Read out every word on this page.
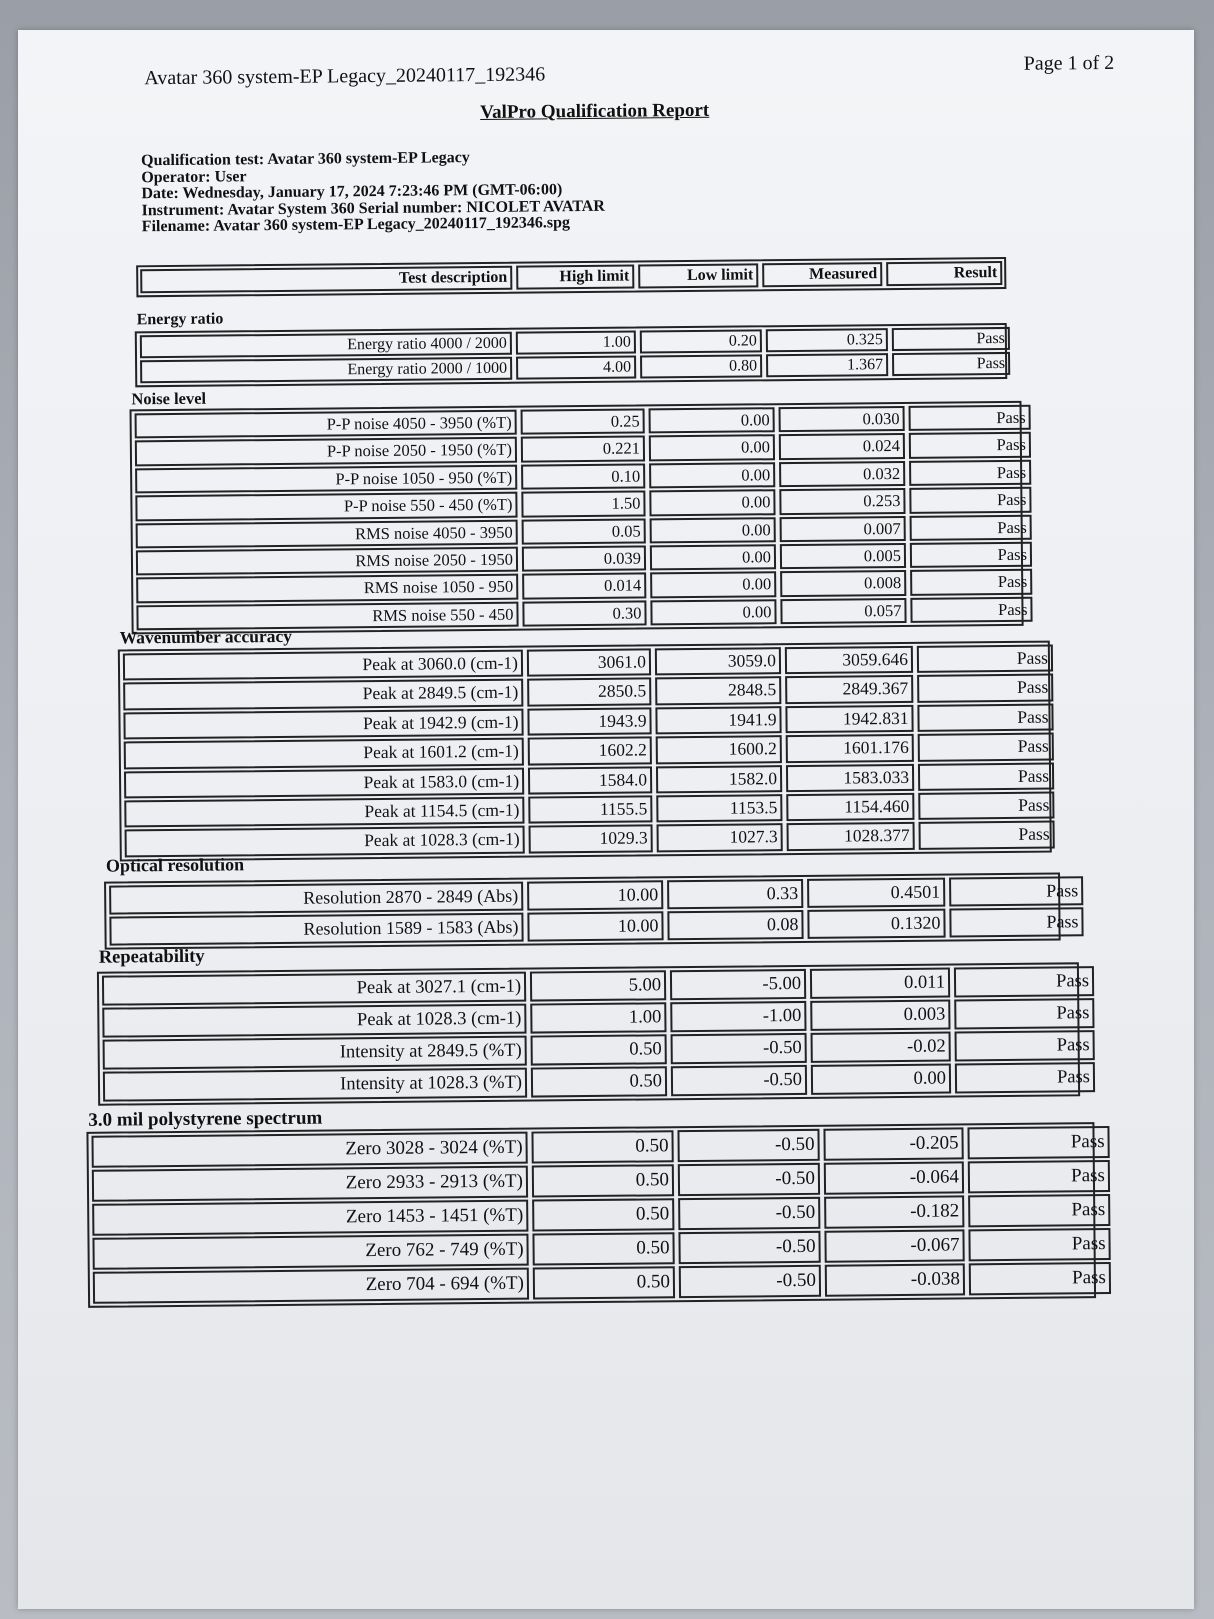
Avatar 360 system-EP Legacy_20240117_192346
Page 1 of 2
ValPro Qualification Report
Qualification test: Avatar 360 system-EP Legacy
Operator: User
Date: Wednesday, January 17, 2024 7:23:46 PM (GMT-06:00)
Instrument: Avatar System 360 Serial number: NICOLET AVATAR
Filename: Avatar 360 system-EP Legacy_20240117_192346.spg
Test description	High limit	Low limit	Measured	Result
Energy ratio
Energy ratio 4000 / 2000	1.00	0.20	0.325	Pass
Energy ratio 2000 / 1000	4.00	0.80	1.367	Pass
Noise level
P-P noise 4050 - 3950 (%T)	0.25	0.00	0.030	Pass
P-P noise 2050 - 1950 (%T)	0.221	0.00	0.024	Pass
P-P noise 1050 - 950 (%T)	0.10	0.00	0.032	Pass
P-P noise 550 - 450 (%T)	1.50	0.00	0.253	Pass
RMS noise 4050 - 3950	0.05	0.00	0.007	Pass
RMS noise 2050 - 1950	0.039	0.00	0.005	Pass
RMS noise 1050 - 950	0.014	0.00	0.008	Pass
RMS noise 550 - 450	0.30	0.00	0.057	Pass
Wavenumber accuracy
Peak at 3060.0 (cm-1)	3061.0	3059.0	3059.646	Pass
Peak at 2849.5 (cm-1)	2850.5	2848.5	2849.367	Pass
Peak at 1942.9 (cm-1)	1943.9	1941.9	1942.831	Pass
Peak at 1601.2 (cm-1)	1602.2	1600.2	1601.176	Pass
Peak at 1583.0 (cm-1)	1584.0	1582.0	1583.033	Pass
Peak at 1154.5 (cm-1)	1155.5	1153.5	1154.460	Pass
Peak at 1028.3 (cm-1)	1029.3	1027.3	1028.377	Pass
Optical resolution
Resolution 2870 - 2849 (Abs)	10.00	0.33	0.4501	Pass
Resolution 1589 - 1583 (Abs)	10.00	0.08	0.1320	Pass
Repeatability
Peak at 3027.1 (cm-1)	5.00	-5.00	0.011	Pass
Peak at 1028.3 (cm-1)	1.00	-1.00	0.003	Pass
Intensity at 2849.5 (%T)	0.50	-0.50	-0.02	Pass
Intensity at 1028.3 (%T)	0.50	-0.50	0.00	Pass
3.0 mil polystyrene spectrum
Zero 3028 - 3024 (%T)	0.50	-0.50	-0.205	Pass
Zero 2933 - 2913 (%T)	0.50	-0.50	-0.064	Pass
Zero 1453 - 1451 (%T)	0.50	-0.50	-0.182	Pass
Zero 762 - 749 (%T)	0.50	-0.50	-0.067	Pass
Zero 704 - 694 (%T)	0.50	-0.50	-0.038	Pass
